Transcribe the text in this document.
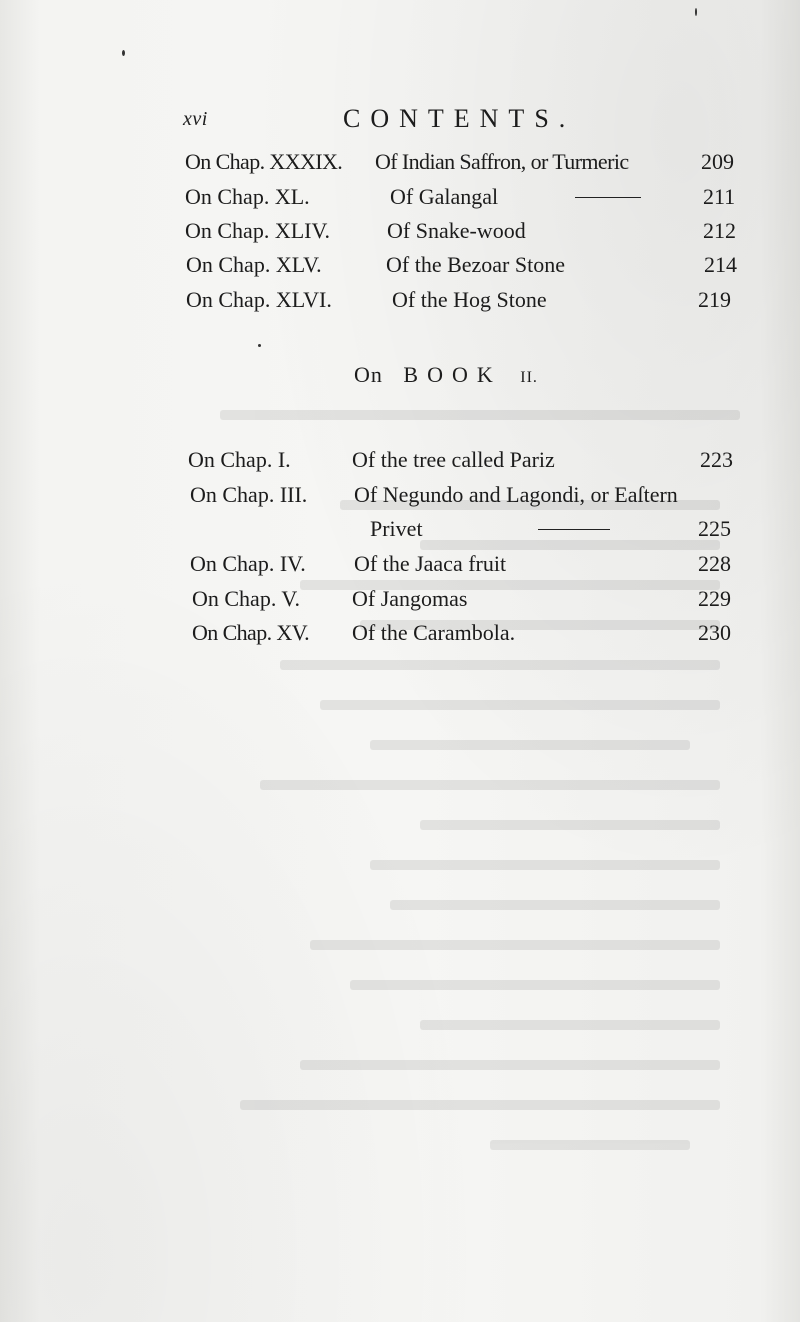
xvi	CONTENTS.
On Chap. XXXIX. Of Indian Saffron, or Turmeric	209
On Chap. XL.	Of Galangal	211
On Chap. XLIV.	Of Snake-wood	212
On Chap. XLV.	Of the Bezoar Stone	214
On Chap. XLVI.	Of the Hog Stone	219
On BOOK II.
On Chap. I.	Of the tree called Pariz	223
On Chap. III. Of Negundo and Lagondi, or Eaſtern
Privet	225
On Chap. IV. Of the Jaaca fruit	228
On Chap. V. Of Jangomas	229
On Chap. XV. Of the Carambola.	230
